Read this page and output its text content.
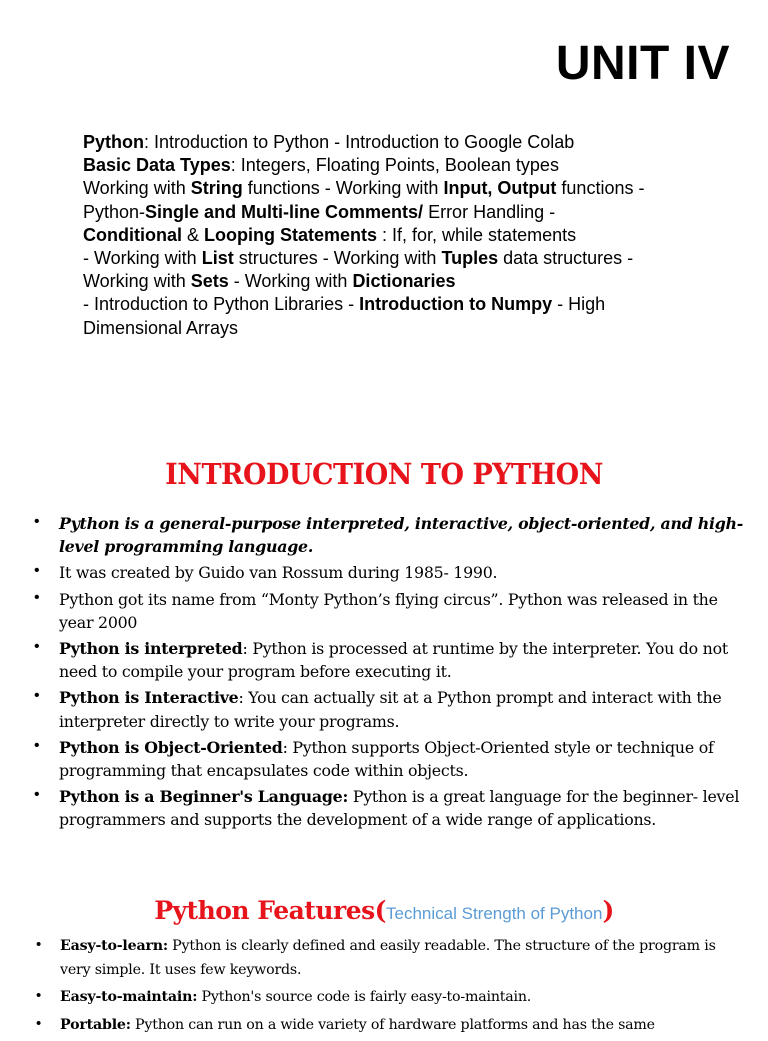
UNIT IV
Python: Introduction to Python - Introduction to Google Colab
Basic Data Types: Integers, Floating Points, Boolean types
Working with String functions - Working with Input, Output functions -
Python-Single and Multi-line Comments/ Error Handling -
Conditional & Looping Statements : If, for, while statements
- Working with List structures - Working with Tuples data structures -
Working with Sets - Working with Dictionaries
- Introduction to Python Libraries - Introduction to Numpy - High
Dimensional Arrays
INTRODUCTION TO PYTHON
• Python is a general-purpose interpreted, interactive, object-oriented, and high-level programming language.
• It was created by Guido van Rossum during 1985- 1990.
• Python got its name from “Monty Python’s flying circus”. Python was released in the year 2000
• Python is interpreted: Python is processed at runtime by the interpreter. You do not need to compile your program before executing it.
• Python is Interactive: You can actually sit at a Python prompt and interact with the interpreter directly to write your programs.
• Python is Object-Oriented: Python supports Object-Oriented style or technique of programming that encapsulates code within objects.
• Python is a Beginner's Language: Python is a great language for the beginner- level programmers and supports the development of a wide range of applications.
Python Features(Technical Strength of Python)
• Easy-to-learn: Python is clearly defined and easily readable. The structure of the program is very simple. It uses few keywords.
• Easy-to-maintain: Python's source code is fairly easy-to-maintain.
• Portable: Python can run on a wide variety of hardware platforms and has the same
